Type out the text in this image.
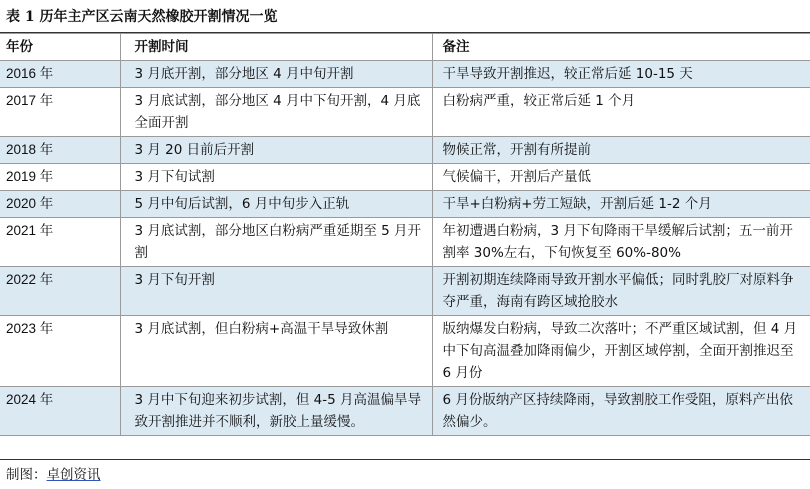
表 1 历年主产区云南天然橡胶开割情况一览
年份	开割时间	备注
2016 年	3 月底开割，部分地区 4 月中旬开割	干旱导致开割推迟，较正常后延 10-15 天
2017 年	3 月底试割，部分地区 4 月中下旬开割，4 月底全面开割	白粉病严重，较正常后延 1 个月
2018 年	3 月 20 日前后开割	物候正常，开割有所提前
2019 年	3 月下旬试割	气候偏干，开割后产量低
2020 年	5 月中旬后试割，6 月中旬步入正轨	干旱+白粉病+劳工短缺，开割后延 1-2 个月
2021 年	3 月底试割，部分地区白粉病严重延期至 5 月开割	年初遭遇白粉病，3 月下旬降雨干旱缓解后试割；五一前开割率 30%左右，下旬恢复至 60%-80%
2022 年	3 月下旬开割	开割初期连续降雨导致开割水平偏低；同时乳胶厂对原料争夺严重，海南有跨区域抢胶水
2023 年	3 月底试割，但白粉病+高温干旱导致休割	版纳爆发白粉病，导致二次落叶；不严重区域试割，但 4 月中下旬高温叠加降雨偏少，开割区域停割，全面开割推迟至 6 月份
2024 年	3 月中下旬迎来初步试割，但 4-5 月高温偏旱导致开割推进并不顺利，新胶上量缓慢。	6 月份版纳产区持续降雨，导致割胶工作受阻，原料产出依然偏少。
制图：卓创资讯
